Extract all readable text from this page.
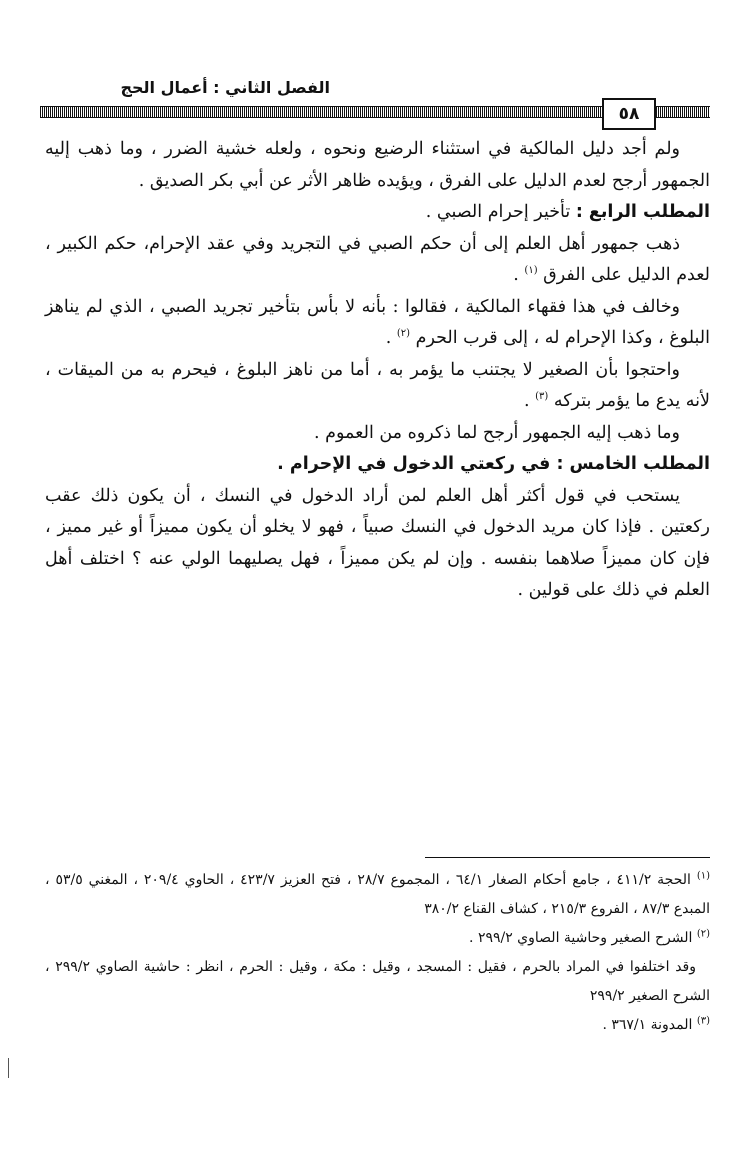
الفصل الثاني : أعمال الحج
٥٨

ولم أجد دليل المالكية في استثناء الرضيع ونحوه ، ولعله خشية الضرر ، وما ذهب إليه الجمهور أرجح لعدم الدليل على الفرق ، ويؤيده ظاهر الأثر عن أبي بكر الصديق .

المطلب الرابع : تأخير إحرام الصبي .

ذهب جمهور أهل العلم إلى أن حكم الصبي في التجريد وفي عقد الإحرام، حكم الكبير ، لعدم الدليل على الفرق $^{(١)}$ .

وخالف في هذا فقهاء المالكية ، فقالوا : بأنه لا بأس بتأخير تجريد الصبي ، الذي لم يناهز البلوغ ، وكذا الإحرام له ، إلى قرب الحرم $^{(٢)}$ .

واحتجوا بأن الصغير لا يجتنب ما يؤمر به ، أما من ناهز البلوغ ، فيحرم به من الميقات ، لأنه يدع ما يؤمر بتركه $^{(٣)}$ .

وما ذهب إليه الجمهور أرجح لما ذكروه من العموم .

المطلب الخامس : في ركعتي الدخول في الإحرام .

يستحب في قول أكثر أهل العلم لمن أراد الدخول في النسك ، أن يكون ذلك عقب ركعتين . فإذا كان مريد الدخول في النسك صبياً ، فهو لا يخلو أن يكون مميزاً أو غير مميز ، فإن كان مميزاً صلاهما بنفسه . وإن لم يكن مميزاً ، فهل يصليهما الولي عنه ؟ اختلف أهل العلم في ذلك على قولين .

$^{(١)}$ الحجة ٤١١/٢ ، جامع أحكام الصغار ٦٤/١ ، المجموع ٢٨/٧ ، فتح العزيز ٤٢٣/٧ ، الحاوي ٢٠٩/٤ ، المغني ٥٣/٥ ، المبدع ٨٧/٣ ، الفروع ٢١٥/٣ ، كشاف القناع ٣٨٠/٢

$^{(٢)}$ الشرح الصغير وحاشية الصاوي ٢٩٩/٢ .

وقد اختلفوا في المراد بالحرم ، فقيل : المسجد ، وقيل : مكة ، وقيل : الحرم ، انظر : حاشية الصاوي ٢٩٩/٢ ، الشرح الصغير ٢٩٩/٢

$^{(٣)}$ المدونة ٣٦٧/١ .
